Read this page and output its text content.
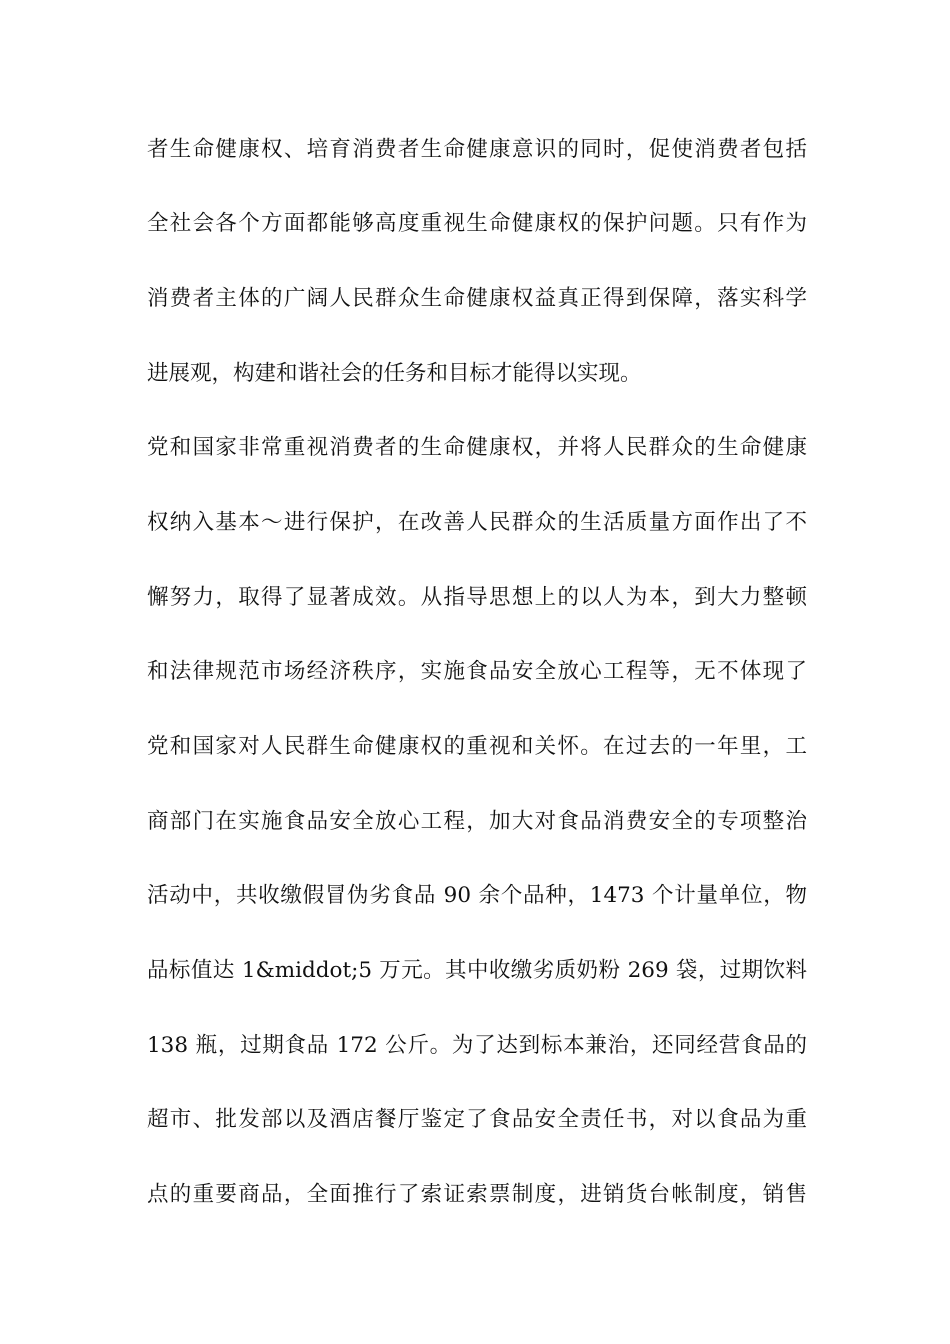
者生命健康权、培育消费者生命健康意识的同时，促使消费者包括
全社会各个方面都能够高度重视生命健康权的保护问题。只有作为
消费者主体的广阔人民群众生命健康权益真正得到保障，落实科学
进展观，构建和谐社会的任务和目标才能得以实现。
党和国家非常重视消费者的生命健康权，并将人民群众的生命健康
权纳入基本～进行保护，在改善人民群众的生活质量方面作出了不
懈努力，取得了显著成效。从指导思想上的以人为本，到大力整顿
和法律规范市场经济秩序，实施食品安全放心工程等，无不体现了
党和国家对人民群生命健康权的重视和关怀。在过去的一年里，工
商部门在实施食品安全放心工程，加大对食品消费安全的专项整治
活动中，共收缴假冒伪劣食品 90 余个品种，1473 个计量单位，物
品标值达 1&middot;5 万元。其中收缴劣质奶粉 269 袋，过期饮料
138 瓶，过期食品 172 公斤。为了达到标本兼治，还同经营食品的
超市、批发部以及酒店餐厅鉴定了食品安全责任书，对以食品为重
点的重要商品，全面推行了索证索票制度，进销货台帐制度，销售
